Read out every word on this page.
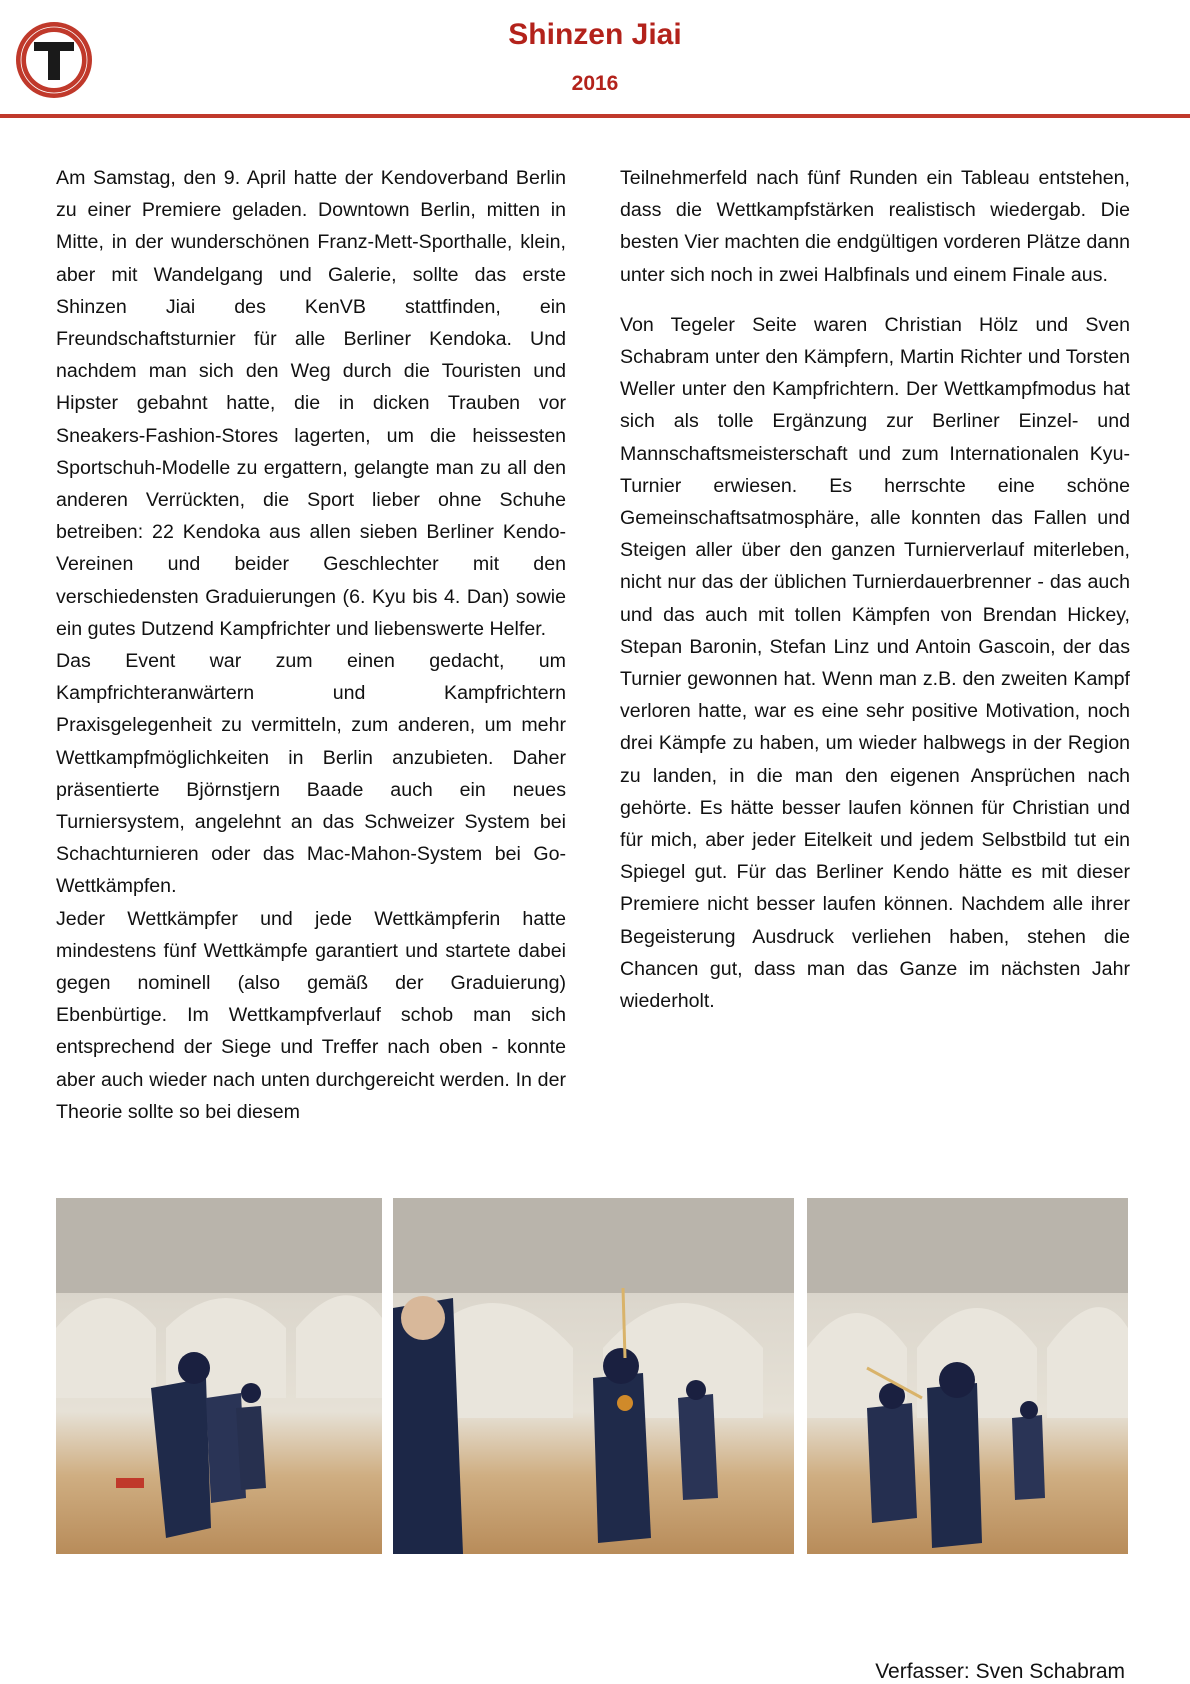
Shinzen Jiai
2016

Am Samstag, den 9. April hatte der Kendoverband Berlin zu einer Premiere geladen. Downtown Berlin, mitten in Mitte, in der wunderschönen Franz-Mett-Sporthalle, klein, aber mit Wandelgang und Galerie, sollte das erste Shinzen Jiai des KenVB stattfinden, ein Freundschaftsturnier für alle Berliner Kendoka. Und nachdem man sich den Weg durch die Touristen und Hipster gebahnt hatte, die in dicken Trauben vor Sneakers-Fashion-Stores lagerten, um die heissesten Sportschuh-Modelle zu ergattern, gelangte man zu all den anderen Verrückten, die Sport lieber ohne Schuhe betreiben: 22 Kendoka aus allen sieben Berliner Kendo-Vereinen und beider Geschlechter mit den verschiedensten Graduierungen (6. Kyu bis 4. Dan) sowie ein gutes Dutzend Kampfrichter und liebenswerte Helfer.

Das Event war zum einen gedacht, um Kampfrichteranwärtern und Kampfrichtern Praxisgelegenheit zu vermitteln, zum anderen, um mehr Wettkampfmöglichkeiten in Berlin anzubieten. Daher präsentierte Björnstjern Baade auch ein neues Turniersystem, angelehnt an das Schweizer System bei Schachturnieren oder das Mac-Mahon-System bei Go-Wettkämpfen.

Jeder Wettkämpfer und jede Wettkämpferin hatte mindestens fünf Wettkämpfe garantiert und startete dabei gegen nominell (also gemäß der Graduierung) Ebenbürtige. Im Wettkampfverlauf schob man sich entsprechend der Siege und Treffer nach oben - konnte aber auch wieder nach unten durchgereicht werden. In der Theorie sollte so bei diesem

Teilnehmerfeld nach fünf Runden ein Tableau entstehen, dass die Wettkampfstärken realistisch wiedergab. Die besten Vier machten die endgültigen vorderen Plätze dann unter sich noch in zwei Halbfinals und einem Finale aus.

Von Tegeler Seite waren Christian Hölz und Sven Schabram unter den Kämpfern, Martin Richter und Torsten Weller unter den Kampfrichtern. Der Wettkampfmodus hat sich als tolle Ergänzung zur Berliner Einzel- und Mannschaftsmeisterschaft und zum Internationalen Kyu-Turnier erwiesen. Es herrschte eine schöne Gemeinschaftsatmosphäre, alle konnten das Fallen und Steigen aller über den ganzen Turnierverlauf miterleben, nicht nur das der üblichen Turnierdauerbrenner - das auch und das auch mit tollen Kämpfen von Brendan Hickey, Stepan Baronin, Stefan Linz und Antoin Gascoin, der das Turnier gewonnen hat. Wenn man z.B. den zweiten Kampf verloren hatte, war es eine sehr positive Motivation, noch drei Kämpfe zu haben, um wieder halbwegs in der Region zu landen, in die man den eigenen Ansprüchen nach gehörte. Es hätte besser laufen können für Christian und für mich, aber jeder Eitelkeit und jedem Selbstbild tut ein Spiegel gut. Für das Berliner Kendo hätte es mit dieser Premiere nicht besser laufen können. Nachdem alle ihrer Begeisterung Ausdruck verliehen haben, stehen die Chancen gut, dass man das Ganze im nächsten Jahr wiederholt.

Verfasser: Sven Schabram
